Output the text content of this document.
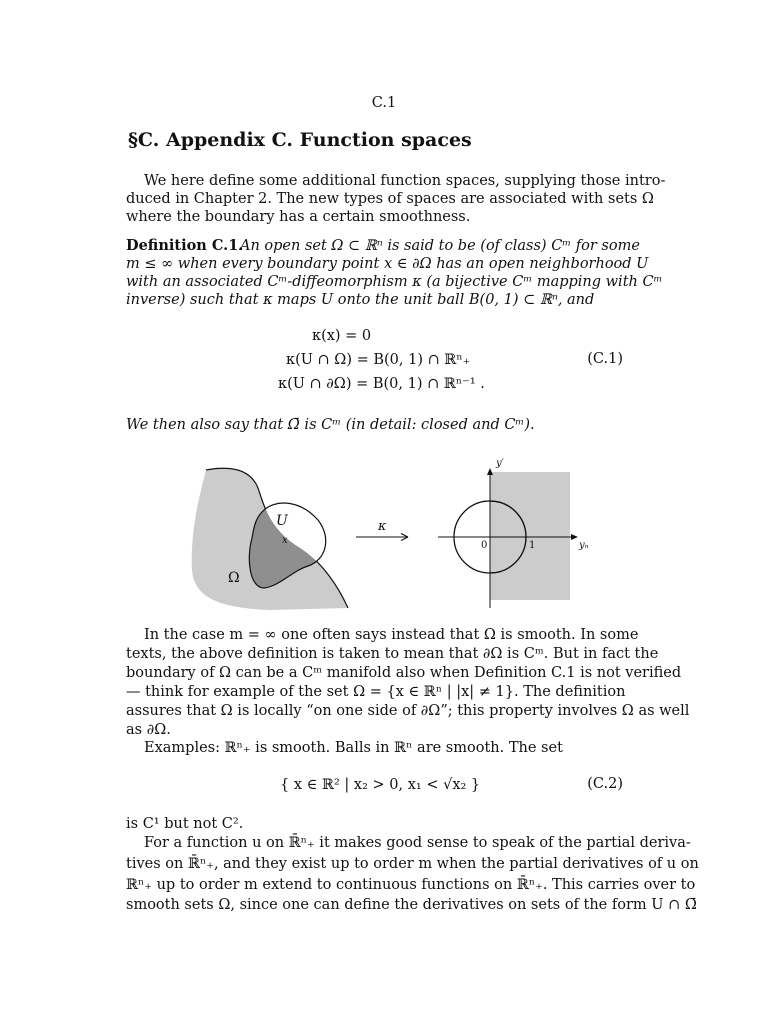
C.1
§C. Appendix C. Function spaces
We here define some additional function spaces, supplying those intro-
duced in Chapter 2. The new types of spaces are associated with sets Ω
where the boundary has a certain smoothness.
Definition C.1.
An open set Ω ⊂ ℝⁿ is said to be (of class) Cᵐ for some
m ≤ ∞ when every boundary point x ∈ ∂Ω has an open neighborhood U
with an associated Cᵐ-diffeomorphism κ (a bijective Cᵐ mapping with Cᵐ
inverse) such that κ maps U onto the unit ball B(0, 1) ⊂ ℝⁿ, and
κ(x) = 0
κ(U ∩ Ω) = B(0, 1) ∩ ℝⁿ₊
κ(U ∩ ∂Ω) = B(0, 1) ∩ ℝⁿ⁻¹ .
(C.1)
We then also say that Ω̄ is Cᵐ (in detail: closed and Cᵐ).
U
x
Ω
κ
y′
yₙ
0	1
In the case m = ∞ one often says instead that Ω is smooth. In some
texts, the above definition is taken to mean that ∂Ω is Cᵐ. But in fact the
boundary of Ω can be a Cᵐ manifold also when Definition C.1 is not verified
— think for example of the set Ω = {x ∈ ℝⁿ | |x| ≠ 1}. The definition
assures that Ω is locally “on one side of ∂Ω”; this property involves Ω as well
as ∂Ω.
Examples: ℝⁿ₊ is smooth. Balls in ℝⁿ are smooth. The set
{ x ∈ ℝ² | x₂ > 0, x₁ < √x₂ }	(C.2)
is C¹ but not C².
For a function u on ℝ̄ⁿ₊ it makes good sense to speak of the partial deriva-
tives on ℝ̄ⁿ₊, and they exist up to order m when the partial derivatives of u on
ℝⁿ₊ up to order m extend to continuous functions on ℝ̄ⁿ₊. This carries over to
smooth sets Ω, since one can define the derivatives on sets of the form U ∩ Ω̄
